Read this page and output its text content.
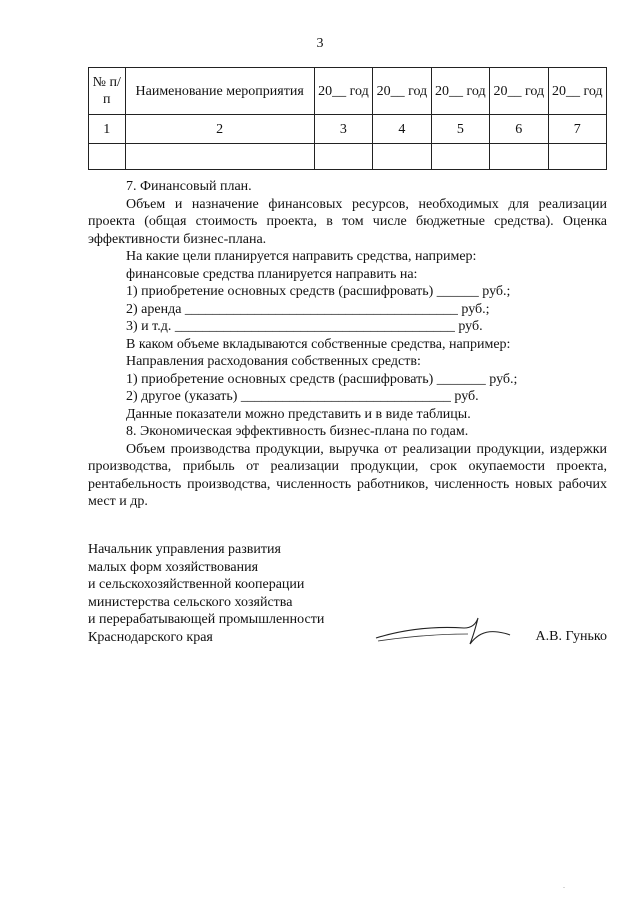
3
№ п/п	Наименование мероприятия	20__ год	20__ год	20__ год	20__ год	20__ год
1	2	3	4	5	6	7

7. Финансовый план.

Объем и назначение финансовых ресурсов, необходимых для реализации проекта (общая стоимость проекта, в том числе бюджетные средства). Оценка эффективности бизнес-плана.

На какие цели планируется направить средства, например:

финансовые средства планируется направить на:

1) приобретение основных средств (расшифровать) ______ руб.;

2) аренда _______________________________________ руб.;

3) и т.д. ________________________________________ руб.

В каком объеме вкладываются собственные средства, например:

Направления расходования собственных средств:

1) приобретение основных средств (расшифровать) _______ руб.;

2) другое (указать) ______________________________ руб.

Данные показатели можно представить и в виде таблицы.

8. Экономическая эффективность бизнес-плана по годам.

Объем производства продукции, выручка от реализации продукции, издержки производства, прибыль от реализации продукции, срок окупаемости проекта, рентабельность производства, численность работников, численность новых рабочих мест и др.

Начальник управления развития

малых форм хозяйствования

и сельскохозяйственной кооперации

министерства сельского хозяйства

и перерабатывающей промышленности

Краснодарского края	А.В. Гунько
.
